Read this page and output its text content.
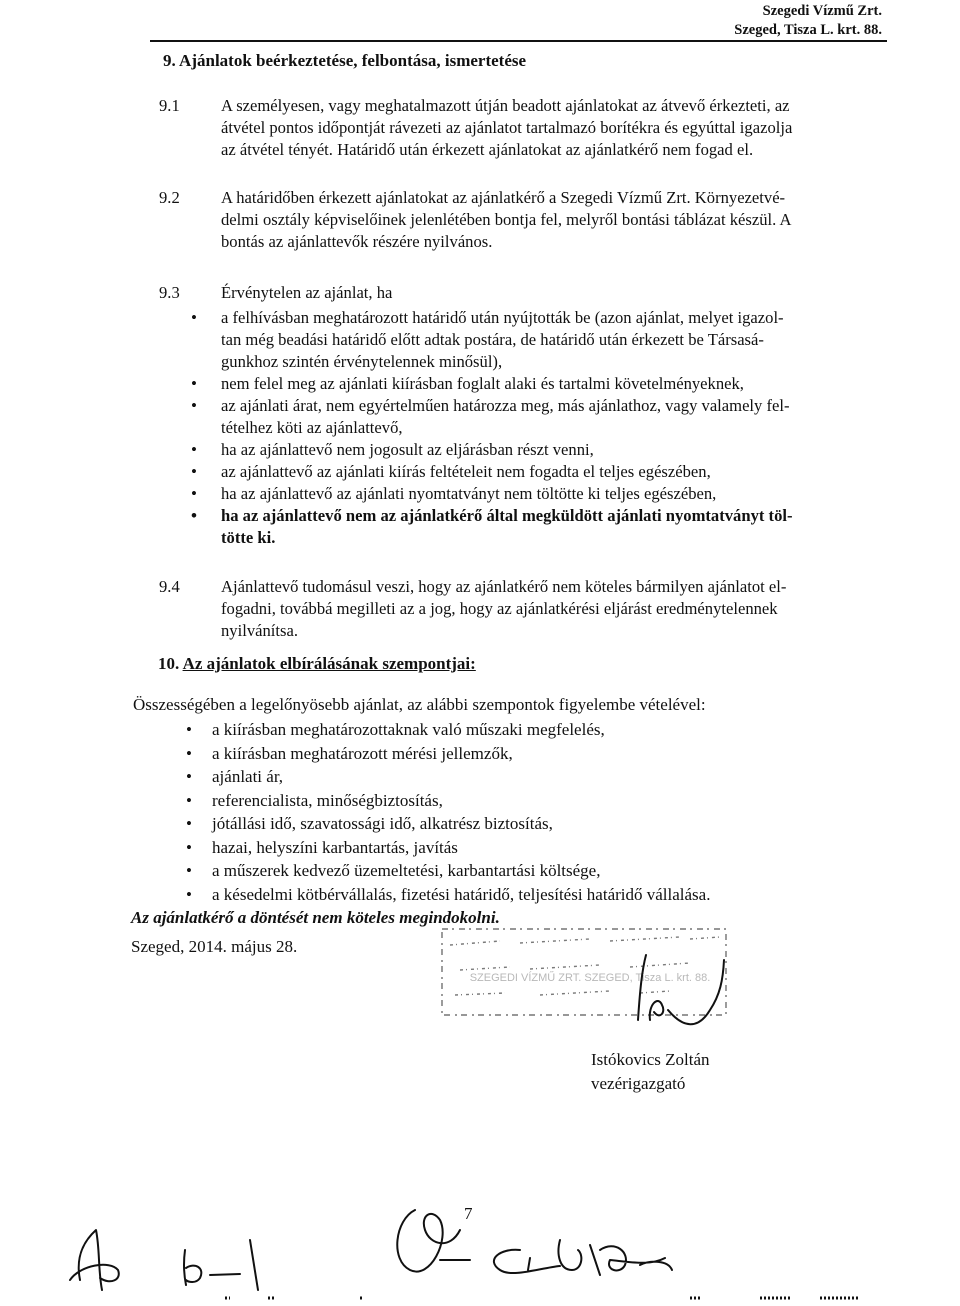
Szegedi Vízmű Zrt.
Szeged, Tisza L. krt. 88.
9. Ajánlatok beérkeztetése, felbontása, ismertetése
9.1 A személyesen, vagy meghatalmazott útján beadott ajánlatokat az átvevő érkezteti, az
átvétel pontos időpontját rávezeti az ajánlatot tartalmazó borítékra és egyúttal igazolja
az átvétel tényét. Határidő után érkezett ajánlatokat az ajánlatkérő nem fogad el.
9.2 A határidőben érkezett ajánlatokat az ajánlatkérő a Szegedi Vízmű Zrt. Környezetvé-
delmi osztály képviselőinek jelenlétében bontja fel, melyről bontási táblázat készül. A
bontás az ajánlattevők részére nyilvános.
9.3 Érvénytelen az ajánlat, ha
• a felhívásban meghatározott határidő után nyújtották be (azon ajánlat, melyet igazol-
tan még beadási határidő előtt adtak postára, de határidő után érkezett be Társasá-
gunkhoz szintén érvénytelennek minősül),
• nem felel meg az ajánlati kiírásban foglalt alaki és tartalmi követelményeknek,
• az ajánlati árat, nem egyértelműen határozza meg, más ajánlathoz, vagy valamely fel-
tételhez köti az ajánlattevő,
• ha az ajánlattevő nem jogosult az eljárásban részt venni,
• az ajánlattevő az ajánlati kiírás feltételeit nem fogadta el teljes egészében,
• ha az ajánlattevő az ajánlati nyomtatványt nem töltötte ki teljes egészében,
• ha az ajánlattevő nem az ajánlatkérő által megküldött ajánlati nyomtatványt töl-
tötte ki.
9.4 Ajánlattevő tudomásul veszi, hogy az ajánlatkérő nem köteles bármilyen ajánlatot el-
fogadni, továbbá megilleti az a jog, hogy az ajánlatkérési eljárást eredménytelennek
nyilvánítsa.
10. Az ajánlatok elbírálásának szempontjai:
Összességében a legelőnyösebb ajánlat, az alábbi szempontok figyelembe vételével:
• a kiírásban meghatározottaknak való műszaki megfelelés,
• a kiírásban meghatározott mérési jellemzők,
• ajánlati ár,
• referencialista, minőségbiztosítás,
• jótállási idő, szavatossági idő, alkatrész biztosítás,
• hazai, helyszíni karbantartás, javítás
• a műszerek kedvező üzemeltetési, karbantartási költsége,
• a késedelmi kötbérvállalás, fizetési határidő, teljesítési határidő vállalása.
Az ajánlatkérő a döntését nem köteles megindokolni.
Szeged, 2014. május 28.
SZEGEDI VÍZMŰ ZRT. SZEGED, Tisza L. krt. 88.
Istókovics Zoltán
vezérigazgató
7
